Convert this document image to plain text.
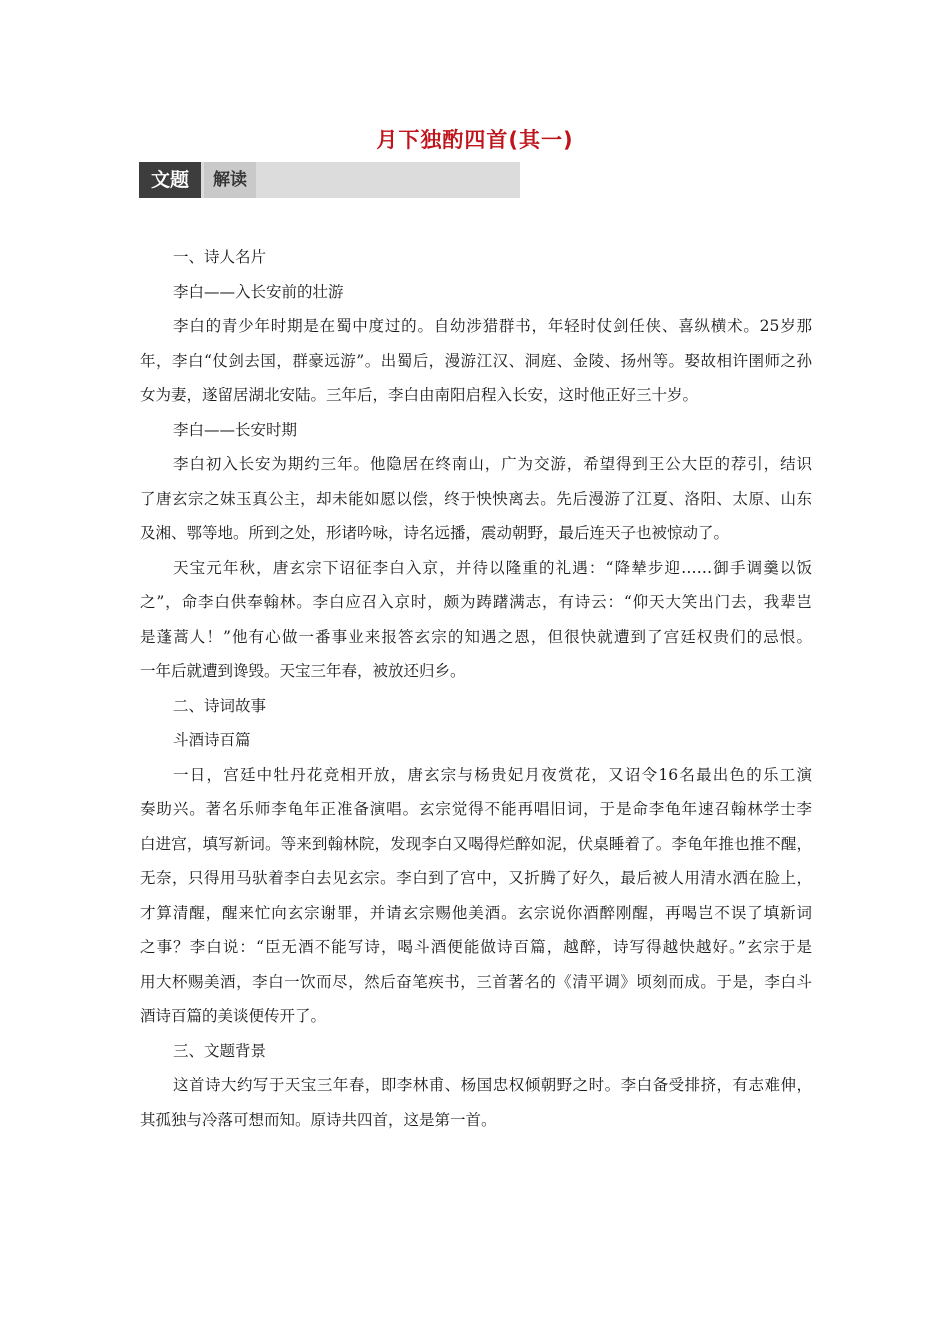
月下独酌四首(其一)
文题	解读
一、诗人名片
李白——入长安前的壮游
李白的青少年时期是在蜀中度过的。自幼涉猎群书，年轻时仗剑任侠、喜纵横术。25岁那
年，李白“仗剑去国，群豪远游”。出蜀后，漫游江汉、洞庭、金陵、扬州等。娶故相许圉师之孙
女为妻，遂留居湖北安陆。三年后，李白由南阳启程入长安，这时他正好三十岁。
李白——长安时期
李白初入长安为期约三年。他隐居在终南山，广为交游，希望得到王公大臣的荐引，结识
了唐玄宗之妹玉真公主，却未能如愿以偿，终于怏怏离去。先后漫游了江夏、洛阳、太原、山东
及湘、鄂等地。所到之处，形诸吟咏，诗名远播，震动朝野，最后连天子也被惊动了。
天宝元年秋，唐玄宗下诏征李白入京，并待以隆重的礼遇：“降辇步迎……御手调羹以饭
之”，命李白供奉翰林。李白应召入京时，颇为踌躇满志，有诗云：“仰天大笑出门去，我辈岂
是蓬蒿人！”他有心做一番事业来报答玄宗的知遇之恩，但很快就遭到了宫廷权贵们的忌恨。
一年后就遭到谗毁。天宝三年春，被放还归乡。
二、诗词故事
斗酒诗百篇
一日，宫廷中牡丹花竞相开放，唐玄宗与杨贵妃月夜赏花，又诏令16名最出色的乐工演
奏助兴。著名乐师李龟年正准备演唱。玄宗觉得不能再唱旧词，于是命李龟年速召翰林学士李
白进宫，填写新词。等来到翰林院，发现李白又喝得烂醉如泥，伏桌睡着了。李龟年推也推不醒，
无奈，只得用马驮着李白去见玄宗。李白到了宫中，又折腾了好久，最后被人用清水洒在脸上，
才算清醒，醒来忙向玄宗谢罪，并请玄宗赐他美酒。玄宗说你酒醉刚醒，再喝岂不误了填新词
之事？李白说：“臣无酒不能写诗，喝斗酒便能做诗百篇，越醉，诗写得越快越好。”玄宗于是
用大杯赐美酒，李白一饮而尽，然后奋笔疾书，三首著名的《清平调》顷刻而成。于是，李白斗
酒诗百篇的美谈便传开了。
三、文题背景
这首诗大约写于天宝三年春，即李林甫、杨国忠权倾朝野之时。李白备受排挤，有志难伸，
其孤独与冷落可想而知。原诗共四首，这是第一首。
